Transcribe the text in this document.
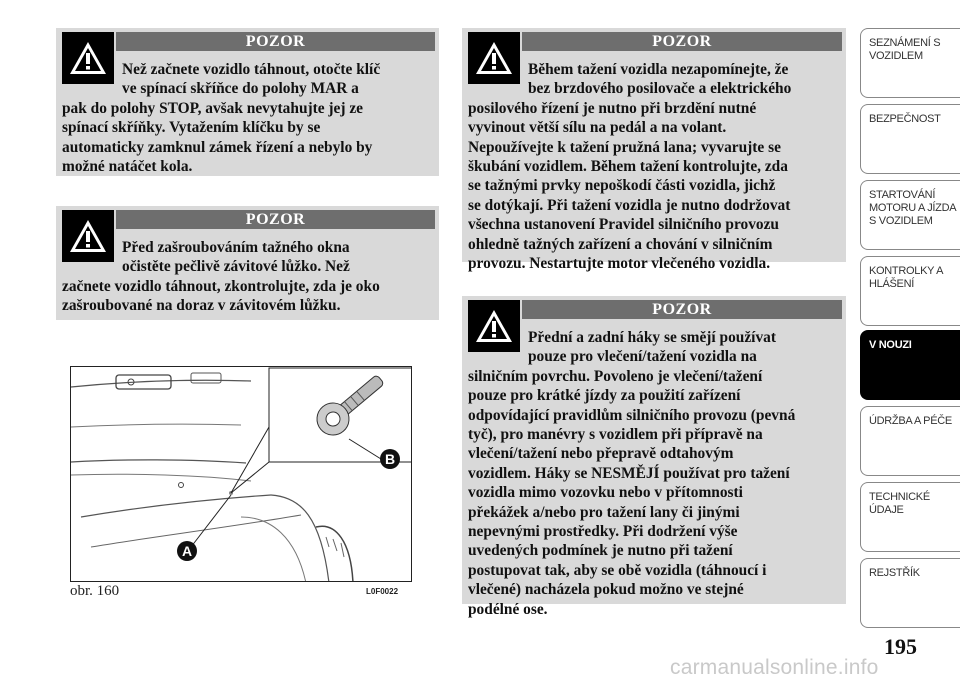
POZOR
Než začnete vozidlo táhnout, otočte klíč
ve spínací skříňce do polohy MAR a
pak do polohy STOP, avšak nevytahujte jej ze
spínací skříňky. Vytažením klíčku by se
automaticky zamknul zámek řízení a nebylo by
možné natáčet kola.
POZOR
Před zašroubováním tažného okna
očistěte pečlivě závitové lůžko. Než
začnete vozidlo táhnout, zkontrolujte, zda je oko
zašroubované na doraz v závitovém lůžku.
POZOR
Během tažení vozidla nezapomínejte, že
bez brzdového posilovače a elektrického
posilového řízení je nutno při brzdění nutné
vyvinout větší sílu na pedál a na volant.
Nepoužívejte k tažení pružná lana; vyvarujte se
škubání vozidlem. Během tažení kontrolujte, zda
se tažnými prvky nepoškodí části vozidla, jichž
se dotýkají. Při tažení vozidla je nutno dodržovat
všechna ustanovení Pravidel silničního provozu
ohledně tažných zařízení a chování v silničním
provozu. Nestartujte motor vlečeného vozidla.
POZOR
Přední a zadní háky se smějí používat
pouze pro vlečení/tažení vozidla na
silničním povrchu. Povoleno je vlečení/tažení
pouze pro krátké jízdy za použití zařízení
odpovídající pravidlům silničního provozu (pevná
tyč), pro manévry s vozidlem při přípravě na
vlečení/tažení nebo přepravě odtahovým
vozidlem. Háky se NESMĚJÍ používat pro tažení
vozidla mimo vozovku nebo v přítomnosti
překážek a/nebo pro tažení lany či jinými
nepevnými prostředky. Při dodržení výše
uvedených podmínek je nutno při tažení
postupovat tak, aby se obě vozidla (táhnoucí i
vlečené) nacházela pokud možno ve stejné
podélné ose.
A
B
obr. 160	L0F0022
SEZNÁMENÍ S VOZIDLEM
BEZPEČNOST
STARTOVÁNÍ MOTORU A JÍZDA S VOZIDLEM
KONTROLKY A HLÁŠENÍ
V NOUZI
ÚDRŽBA A PÉČE
TECHNICKÉ ÚDAJE
REJSTŘÍK
195
carmanualsonline.info
